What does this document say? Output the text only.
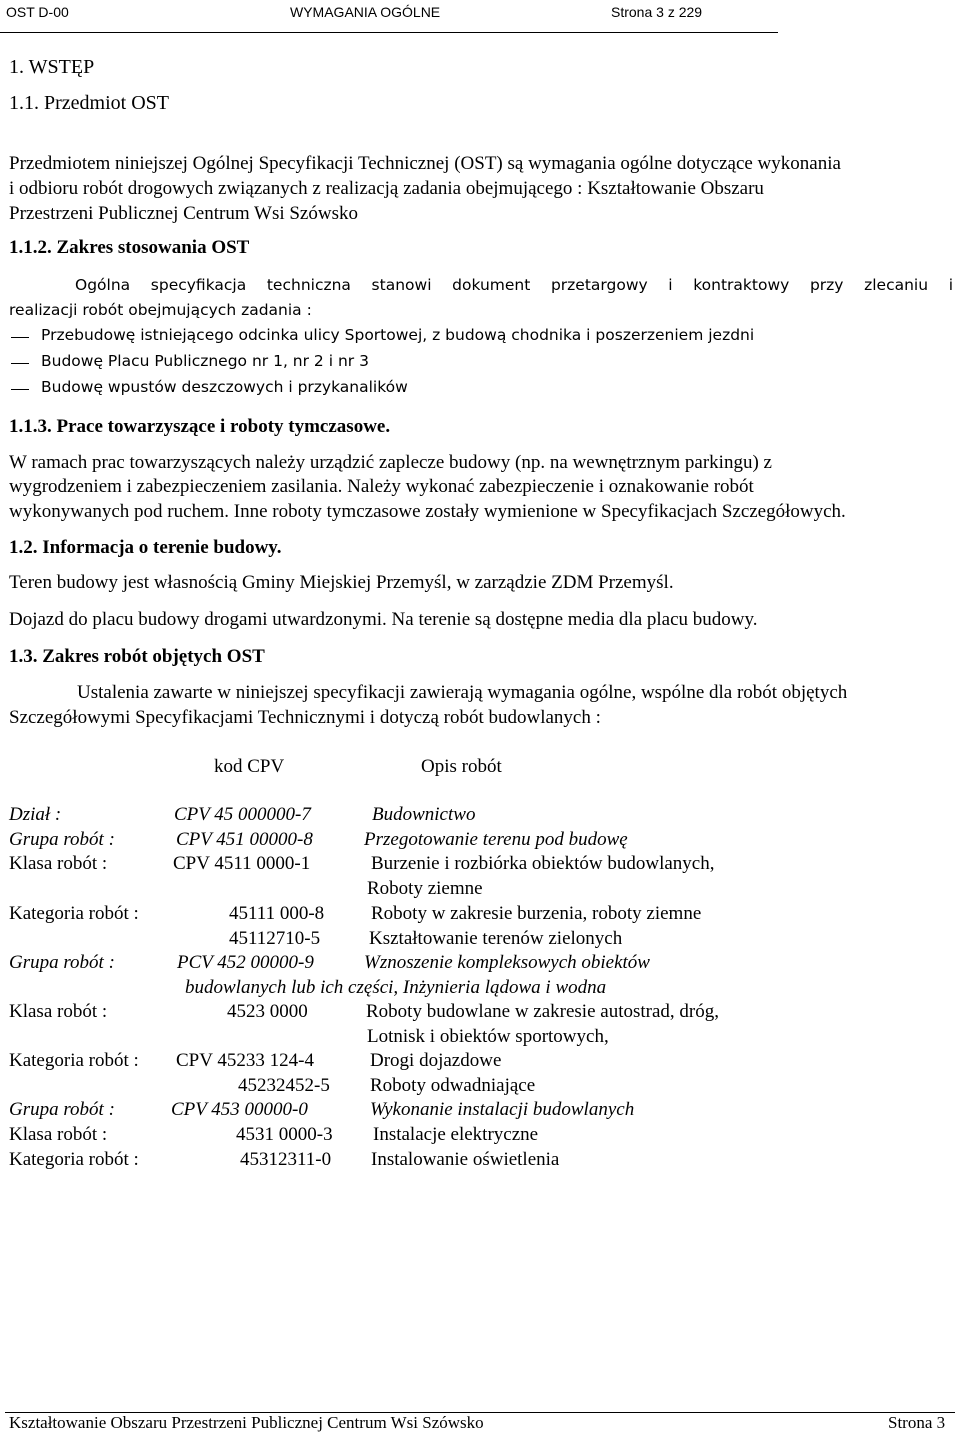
OST D-00	WYMAGANIA OGÓLNE	Strona 3 z 229
1. WSTĘP
1.1. Przedmiot OST
Przedmiotem niniejszej Ogólnej Specyfikacji Technicznej (OST) są wymagania ogólne dotyczące wykonania
i odbioru robót drogowych związanych z realizacją zadania obejmującego : Kształtowanie Obszaru
Przestrzeni Publicznej Centrum Wsi Szówsko
1.1.2. Zakres stosowania OST
Ogólna specyfikacja techniczna stanowi dokument przetargowy i kontraktowy przy zlecaniu i
realizacji robót obejmujących zadania :
Przebudowę istniejącego odcinka ulicy Sportowej, z budową chodnika i poszerzeniem jezdni
Budowę Placu Publicznego nr 1, nr 2 i nr 3
Budowę wpustów deszczowych i przykanalików
1.1.3. Prace towarzyszące i roboty tymczasowe.
W ramach prac towarzyszących należy urządzić zaplecze budowy (np. na wewnętrznym parkingu) z
wygrodzeniem i zabezpieczeniem zasilania. Należy wykonać zabezpieczenie i oznakowanie robót
wykonywanych pod ruchem. Inne roboty tymczasowe zostały wymienione w Specyfikacjach Szczegółowych.
1.2. Informacja o terenie budowy.
Teren budowy jest własnością Gminy Miejskiej Przemyśl, w zarządzie ZDM Przemyśl.
Dojazd do placu budowy drogami utwardzonymi. Na terenie są dostępne media dla placu budowy.
1.3. Zakres robót objętych OST
Ustalenia zawarte w niniejszej specyfikacji zawierają wymagania ogólne, wspólne dla robót objętych
Szczegółowymi Specyfikacjami Technicznymi i dotyczą robót budowlanych :
kod CPV	Opis robót
Dział :	CPV 45 000000-7	Budownictwo
Grupa robót :	CPV 451 00000-8	Przegotowanie terenu pod budowę
Klasa robót :	CPV 4511 0000-1	Burzenie i rozbiórka obiektów budowlanych,
Roboty ziemne
Kategoria robót :	45111 000-8 Roboty w zakresie burzenia, roboty ziemne
45112710-5	Kształtowanie terenów zielonych
Grupa robót :	PCV 452 00000-9	Wznoszenie kompleksowych obiektów
budowlanych lub ich części, Inżynieria lądowa i wodna
Klasa robót :	4523 0000	Roboty budowlane w zakresie autostrad, dróg,
Lotnisk i obiektów sportowych,
Kategoria robót : CPV 45233 124-4	Drogi dojazdowe
45232452-5 Roboty odwadniające
Grupa robót :	CPV 453 00000-0	Wykonanie instalacji budowlanych
Klasa robót :	4531 0000-3 Instalacje elektryczne
Kategoria robót :	45312311-0 Instalowanie oświetlenia
Kształtowanie Obszaru Przestrzeni Publicznej Centrum Wsi Szówsko	Strona 3
